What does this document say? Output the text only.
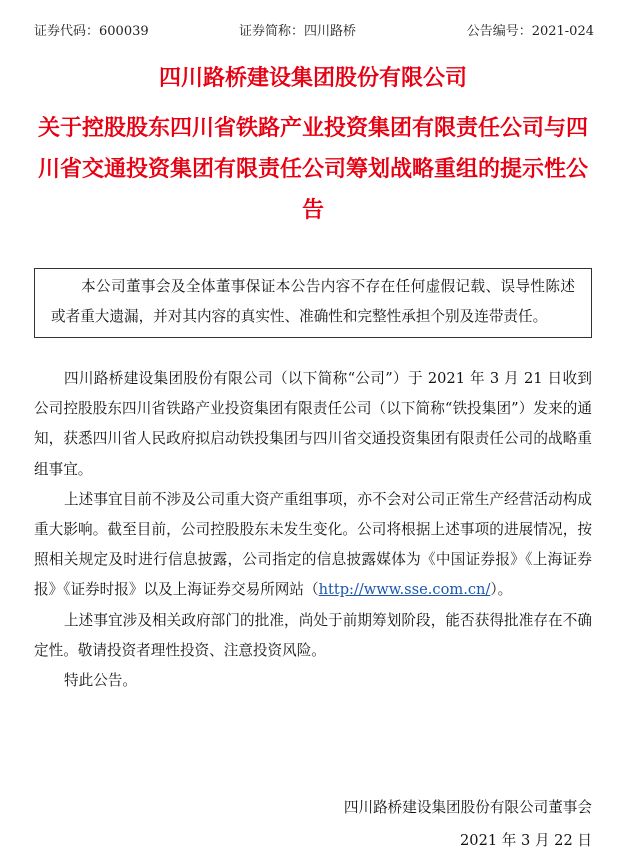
证券代码：600039	证券简称：四川路桥	公告编号：2021-024
四川路桥建设集团股份有限公司
关于控股股东四川省铁路产业投资集团有限责任公司与四川省交通投资集团有限责任公司筹划战略重组的提示性公告
本公司董事会及全体董事保证本公告内容不存在任何虚假记载、误导性陈述或者重大遗漏，并对其内容的真实性、准确性和完整性承担个别及连带责任。

四川路桥建设集团股份有限公司（以下简称“公司”）于 2021 年 3 月 21 日收到公司控股股东四川省铁路产业投资集团有限责任公司（以下简称“铁投集团”）发来的通知，获悉四川省人民政府拟启动铁投集团与四川省交通投资集团有限责任公司的战略重组事宜。

上述事宜目前不涉及公司重大资产重组事项，亦不会对公司正常生产经营活动构成重大影响。截至目前，公司控股股东未发生变化。公司将根据上述事项的进展情况，按照相关规定及时进行信息披露，公司指定的信息披露媒体为《中国证券报》《上海证券报》《证券时报》以及上海证券交易所网站（http://www.sse.com.cn/）。

上述事宜涉及相关政府部门的批准，尚处于前期筹划阶段，能否获得批准存在不确定性。敬请投资者理性投资、注意投资风险。

特此公告。

四川路桥建设集团股份有限公司董事会
2021 年 3 月 22 日
